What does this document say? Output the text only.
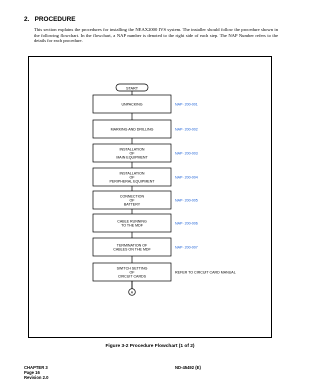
2. PROCEDURE
This section explains the procedures for installing the NEAX2000 IVS system. The installer should follow the procedure shown in the following flowchart. In the flowchart, a NAP number is denoted to the right side of each step. The NAP Number refers to the details for each procedure.
START
UNPACKING	NAP- 200-001
MARKING AND DRILLING	NAP- 200-002
INSTALLATION
OF
MAIN EQUIPMENT
NAP- 200-003
INSTALLATION
OF
PERIPHERAL EQUIPMENT
NAP- 200-004
CONNECTION
OF
BATTERY
NAP- 200-005
CABLE RUNNING
TO THE MDF	NAP- 200-006
TERMINATION OF
CABLES ON THE MDF	NAP- 200-007
SWITCH SETTING
OF
CIRCUIT CARDS
REFER TO CIRCUIT CARD MANUAL
A
Figure 3-2 Procedure Flowchart (1 of 2)
CHAPTER 3
Page 16
Revision 2.0
ND-45492 (E)
